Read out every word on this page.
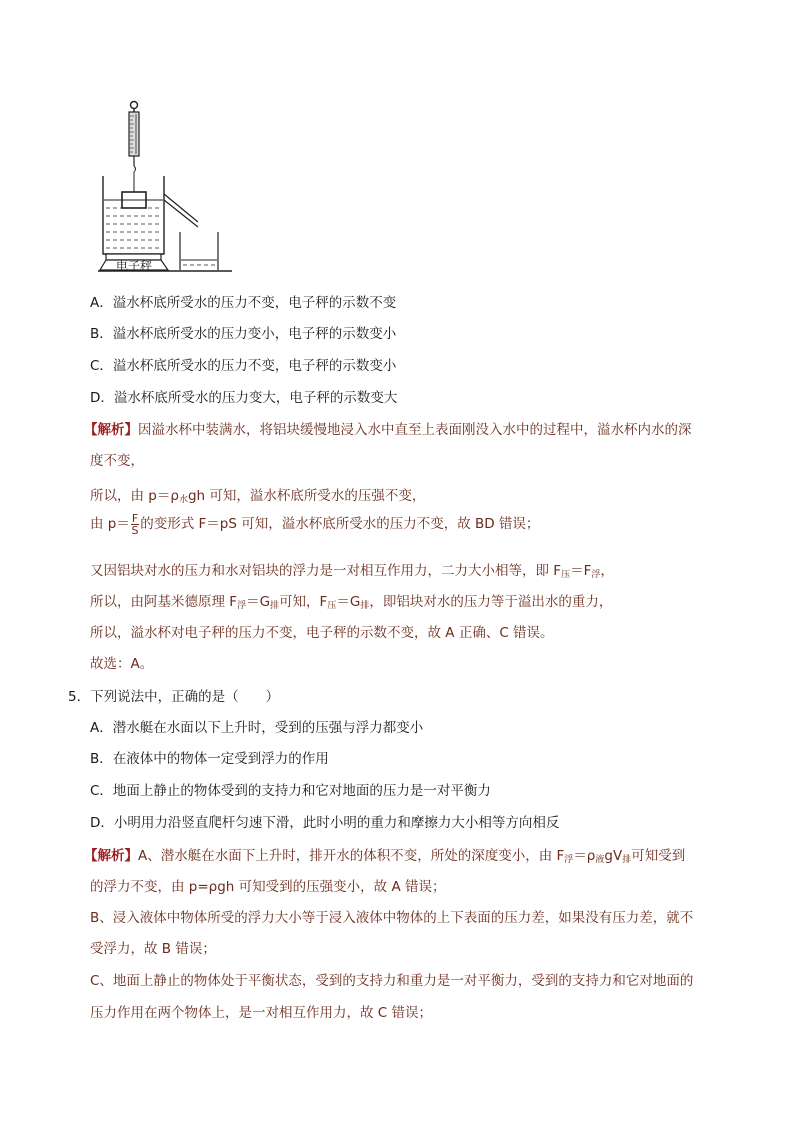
电子秤
A．溢水杯底所受水的压力不变，电子秤的示数不变
B．溢水杯底所受水的压力变小，电子秤的示数变小
C．溢水杯底所受水的压力不变，电子秤的示数变小
D．溢水杯底所受水的压力变大，电子秤的示数变大
【解析】因溢水杯中装满水，将铝块缓慢地浸入水中直至上表面刚没入水中的过程中，溢水杯内水的深
度不变，
所以，由 $p=\rho_水gh$ 可知，溢水杯底所受水的压强不变，
由 $p= \frac{F}{S}$ 的变形式 F＝pS 可知，溢水杯底所受水的压力不变，故 BD 错误；
又因铝块对水的压力和水对铝块的浮力是一对相互作用力，二力大小相等，即 $F_压=F_浮$，
所以，由阿基米德原理 $F_浮=G_排$可知，$F_压=G_排$，即铝块对水的压力等于溢出水的重力，
所以，溢水杯对电子秤的压力不变，电子秤的示数不变，故 A 正确、C 错误。
故选：A。
5．下列说法中，正确的是（　　）
A．潜水艇在水面以下上升时，受到的压强与浮力都变小
B．在液体中的物体一定受到浮力的作用
C．地面上静止的物体受到的支持力和它对地面的压力是一对平衡力
D．小明用力沿竖直爬杆匀速下滑，此时小明的重力和摩擦力大小相等方向相反
【解析】A、潜水艇在水面下上升时，排开水的体积不变，所处的深度变小，由 $F_浮=\rho_液gV_排$可知受到
的浮力不变，由 p=ρgh 可知受到的压强变小，故 A 错误；
B、浸入液体中物体所受的浮力大小等于浸入液体中物体的上下表面的压力差，如果没有压力差，就不
受浮力，故 B 错误；
C、地面上静止的物体处于平衡状态，受到的支持力和重力是一对平衡力，受到的支持力和它对地面的
压力作用在两个物体上，是一对相互作用力，故 C 错误；
